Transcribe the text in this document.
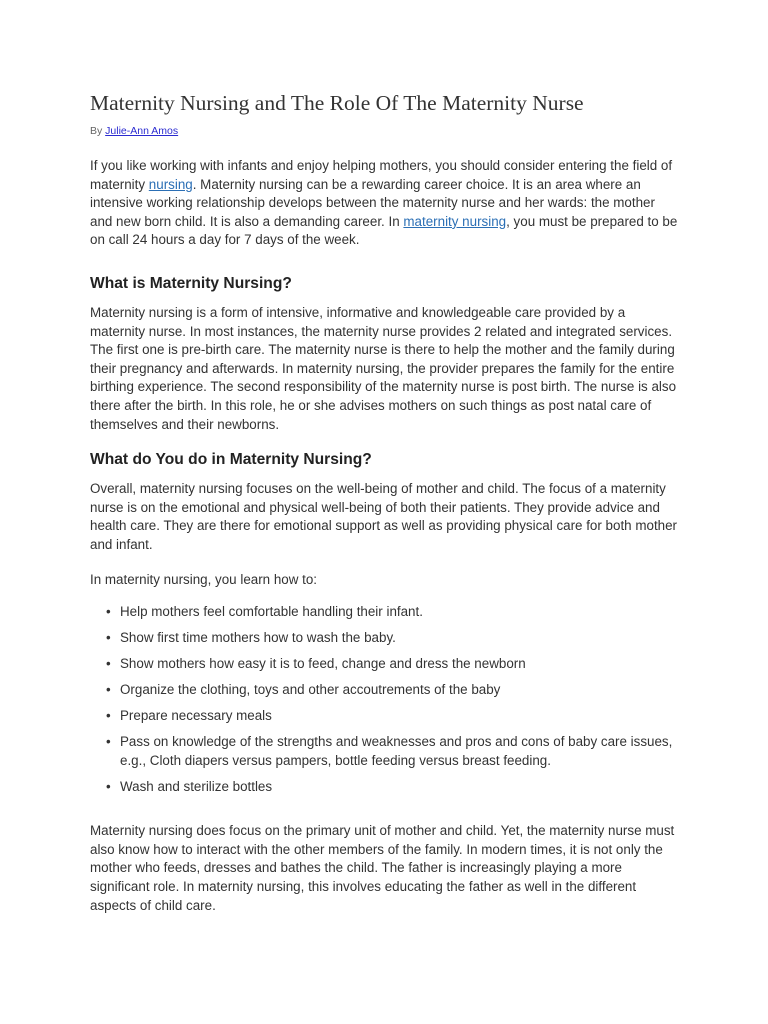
Maternity Nursing and The Role Of The Maternity Nurse
By Julie-Ann Amos

If you like working with infants and enjoy helping mothers, you should consider entering the field of maternity nursing. Maternity nursing can be a rewarding career choice. It is an area where an intensive working relationship develops between the maternity nurse and her wards: the mother and new born child. It is also a demanding career. In maternity nursing, you must be prepared to be on call 24 hours a day for 7 days of the week.

What is Maternity Nursing?

Maternity nursing is a form of intensive, informative and knowledgeable care provided by a maternity nurse. In most instances, the maternity nurse provides 2 related and integrated services. The first one is pre-birth care. The maternity nurse is there to help the mother and the family during their pregnancy and afterwards. In maternity nursing, the provider prepares the family for the entire birthing experience. The second responsibility of the maternity nurse is post birth. The nurse is also there after the birth. In this role, he or she advises mothers on such things as post natal care of themselves and their newborns.

What do You do in Maternity Nursing?

Overall, maternity nursing focuses on the well-being of mother and child. The focus of a maternity nurse is on the emotional and physical well-being of both their patients. They provide advice and health care. They are there for emotional support as well as providing physical care for both mother and infant.

In maternity nursing, you learn how to:

• Help mothers feel comfortable handling their infant.
• Show first time mothers how to wash the baby.
• Show mothers how easy it is to feed, change and dress the newborn
• Organize the clothing, toys and other accoutrements of the baby
• Prepare necessary meals
• Pass on knowledge of the strengths and weaknesses and pros and cons of baby care issues, e.g., Cloth diapers versus pampers, bottle feeding versus breast feeding.
• Wash and sterilize bottles

Maternity nursing does focus on the primary unit of mother and child. Yet, the maternity nurse must also know how to interact with the other members of the family. In modern times, it is not only the mother who feeds, dresses and bathes the child. The father is increasingly playing a more significant role. In maternity nursing, this involves educating the father as well in the different aspects of child care.
